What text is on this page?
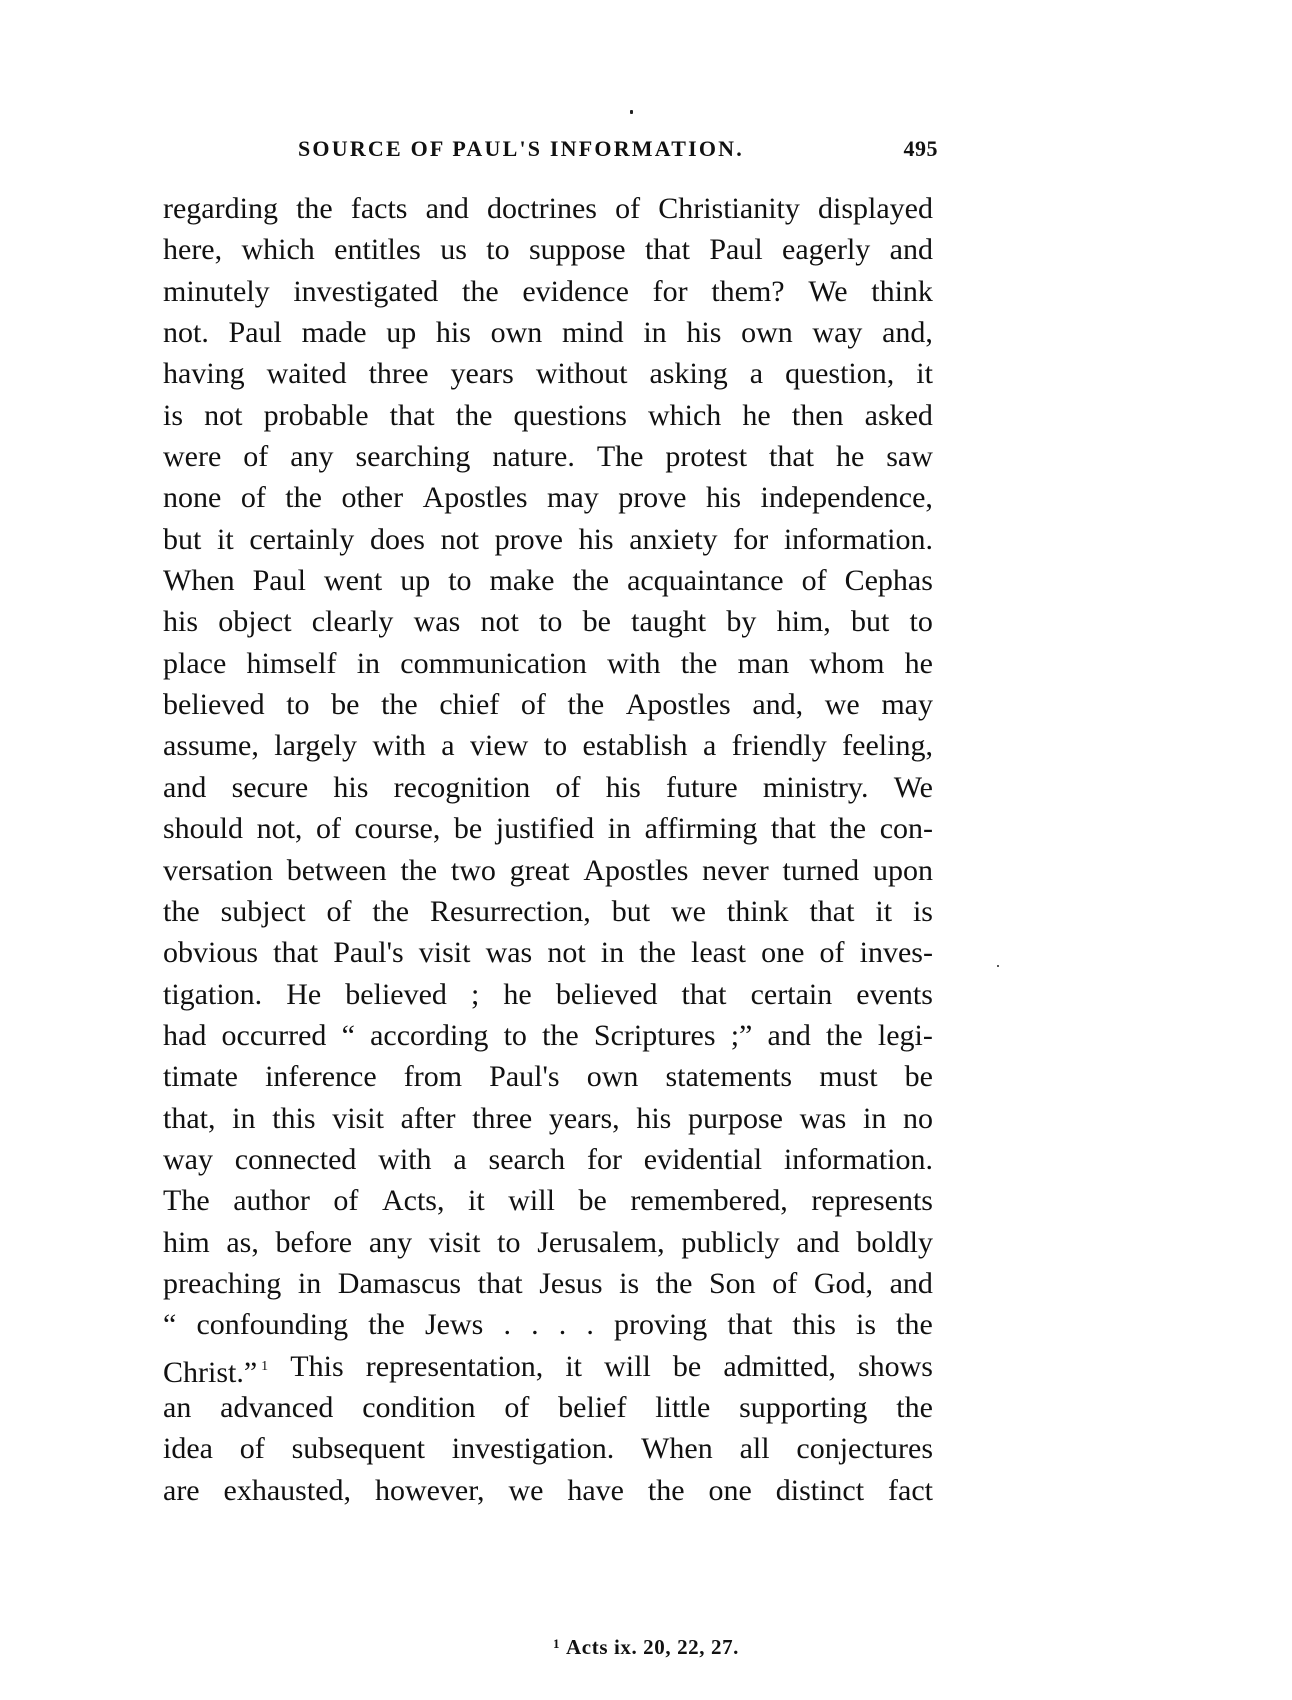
SOURCE OF PAUL'S INFORMATION.	495
regarding the facts and doctrines of Christianity displayed
here, which entitles us to suppose that Paul eagerly and
minutely investigated the evidence for them? We think
not. Paul made up his own mind in his own way and,
having waited three years without asking a question, it
is not probable that the questions which he then asked
were of any searching nature. The protest that he saw
none of the other Apostles may prove his independence,
but it certainly does not prove his anxiety for information.
When Paul went up to make the acquaintance of Cephas
his object clearly was not to be taught by him, but to
place himself in communication with the man whom he
believed to be the chief of the Apostles and, we may
assume, largely with a view to establish a friendly feeling,
and secure his recognition of his future ministry. We
should not, of course, be justified in affirming that the con-
versation between the two great Apostles never turned upon
the subject of the Resurrection, but we think that it is
obvious that Paul's visit was not in the least one of inves-
tigation. He believed ; he believed that certain events
had occurred “ according to the Scriptures ;” and the legi-
timate inference from Paul's own statements must be
that, in this visit after three years, his purpose was in no
way connected with a search for evidential information.
The author of Acts, it will be remembered, represents
him as, before any visit to Jerusalem, publicly and boldly
preaching in Damascus that Jesus is the Son of God, and
“ confounding the Jews . . . . proving that this is the
Christ.” $^1$ This representation, it will be admitted, shows
an advanced condition of belief little supporting the
idea of subsequent investigation. When all conjectures
are exhausted, however, we have the one distinct fact
$^1$ Acts ix. 20, 22, 27.
